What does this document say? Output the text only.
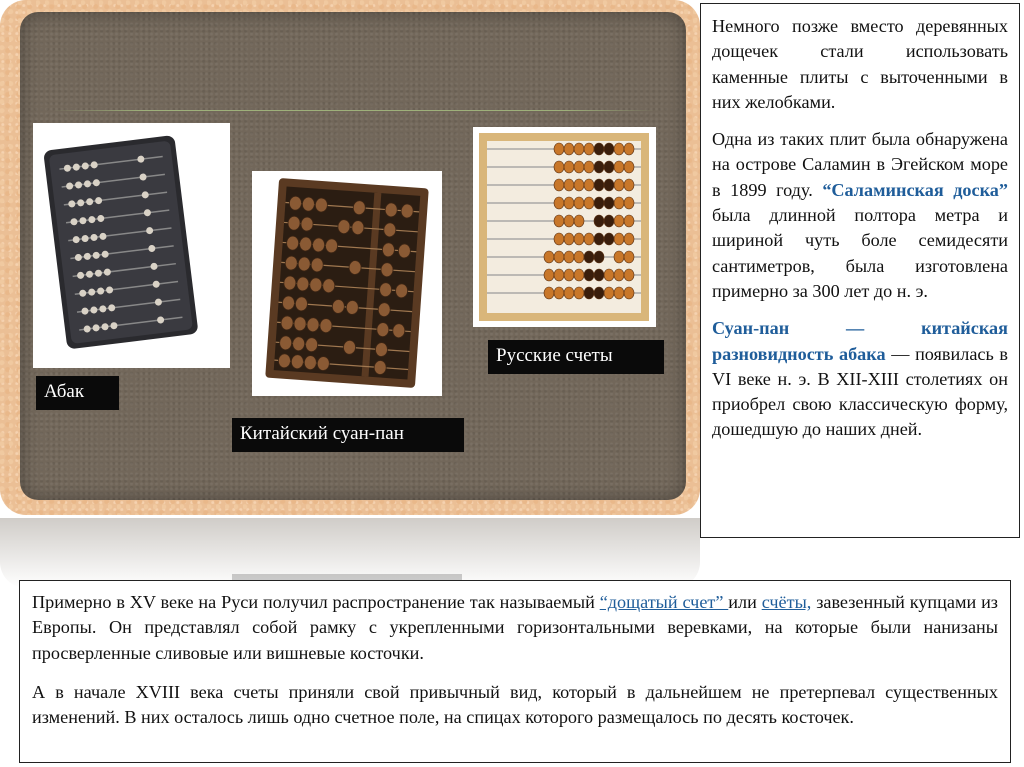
Абак
Китайский суан-пан
Русские счеты

Немного позже вместо деревянных дощечек стали использовать каменные плиты с выточенными в них желобками.

Одна из таких плит была обнаружена на острове Саламин в Эгейском море в 1899 году. “Саламинская доска” была длинной полтора метра и шириной чуть боле семидесяти сантиметров, была изготовлена примерно за 300 лет до н. э.

Суан-пан — китайская разновидность абака — появилась в VI веке н. э. В XII-XIII столетиях он приобрел свою классическую форму, дошедшую до наших дней.

Примерно в XV веке на Руси получил распространение так называемый “дощатый счет” или счёты, завезенный купцами из Европы. Он представлял собой рамку с укрепленными горизонтальными веревками, на которые были нанизаны просверленные сливовые или вишневые косточки.

А в начале XVIII века счеты приняли свой привычный вид, который в дальнейшем не претерпевал существенных изменений. В них осталось лишь одно счетное поле, на спицах которого размещалось по десять косточек.
